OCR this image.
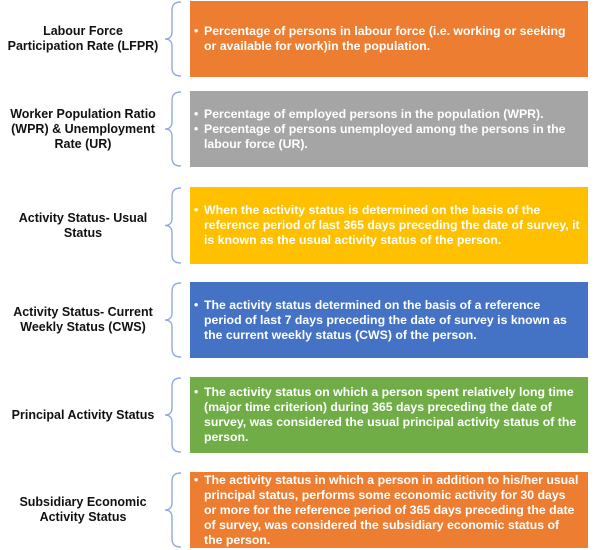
Labour Force Participation Rate (LFPR)
• Percentage of persons in labour force (i.e. working or seeking or available for work)in the population.
Worker Population Ratio (WPR) & Unemployment Rate (UR)
• Percentage of employed persons in the population (WPR).
• Percentage of persons unemployed among the persons in the labour force (UR).
Activity Status- Usual Status
• When the activity status is determined on the basis of the reference period of last 365 days preceding the date of survey, it is known as the usual activity status of the person.
Activity Status- Current Weekly Status (CWS)
• The activity status determined on the basis of a reference period of last 7 days preceding the date of survey is known as the current weekly status (CWS) of the person.
Principal Activity Status
• The activity status on which a person spent relatively long time (major time criterion) during 365 days preceding the date of survey, was considered the usual principal activity status of the person.
Subsidiary Economic Activity Status
• The activity status in which a person in addition to his/her usual principal status, performs some economic activity for 30 days or more for the reference period of 365 days preceding the date of survey, was considered the subsidiary economic status of the person.
